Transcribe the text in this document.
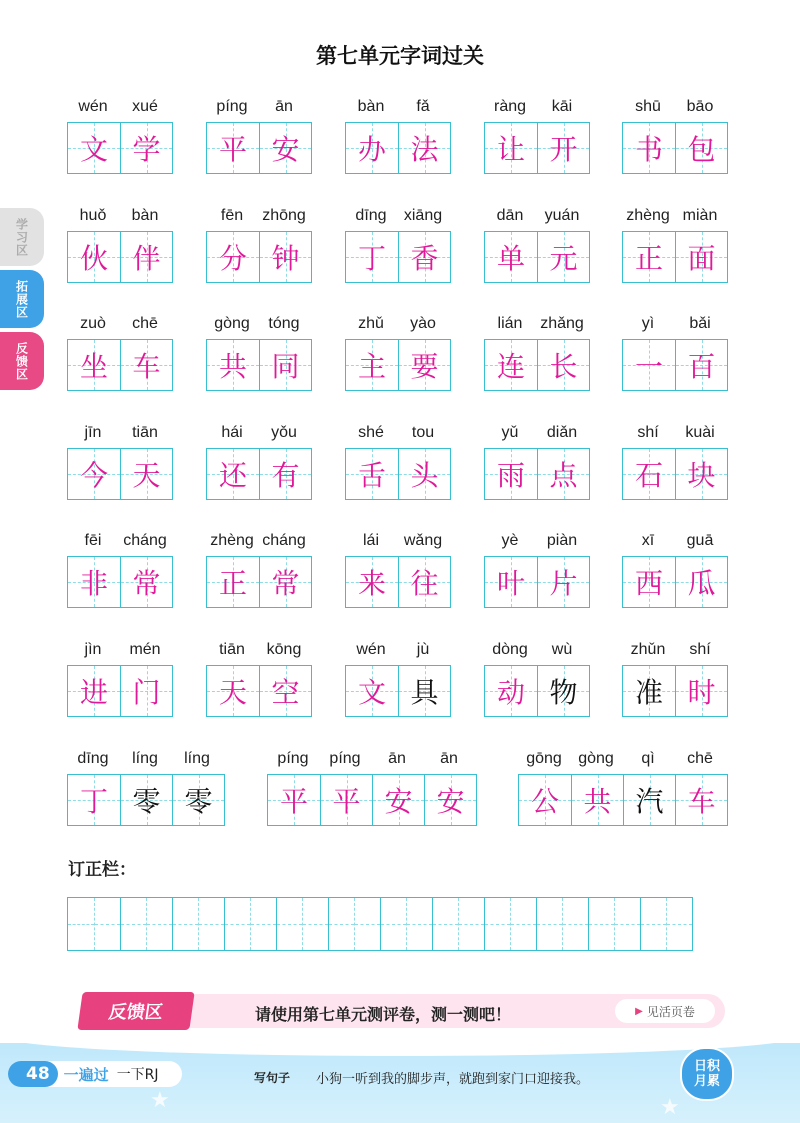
第七单元字词过关
学习区
拓展区
反馈区
wén	xué
文 学
píng	ān
平 安
bàn	fǎ
办 法
ràng	kāi
让 开
shū	bāo
书 包
huǒ	bàn
伙 伴
fēn	zhōng
分 钟
dīng	xiāng
丁 香
dān	yuán
单 元
zhèng miàn
正 面
zuò	chē
坐 车
gòng	tóng
共 同
zhǔ	yào
主 要
lián	zhǎng
连 长
yì	bǎi
一 百
jīn	tiān
今 天
hái	yǒu
还 有
shé	tou
舌 头
yǔ	diǎn
雨 点
shí	kuài
石 块
fēi	cháng
非 常
zhèng cháng
正 常
lái	wǎng
来 往
yè	piàn
叶 片
xī	guā
西 瓜
jìn	mén
进 门
tiān	kōng
天 空
wén	jù
文 具
dòng	wù
动 物
zhǔn	shí
准 时
dīng	líng	líng
丁 零 零
píng	píng	ān	ān
平 平 安 安
gōng	gòng	qì	chē
公 共 汽 车
订正栏：
反馈区	请使用第七单元测评卷，测一测吧！	▶ 见活页卷
★	★
48 一遍过 一下RJ	写句子 小狗一听到我的脚步声，就跑到家门口迎接我。
日积
月累
